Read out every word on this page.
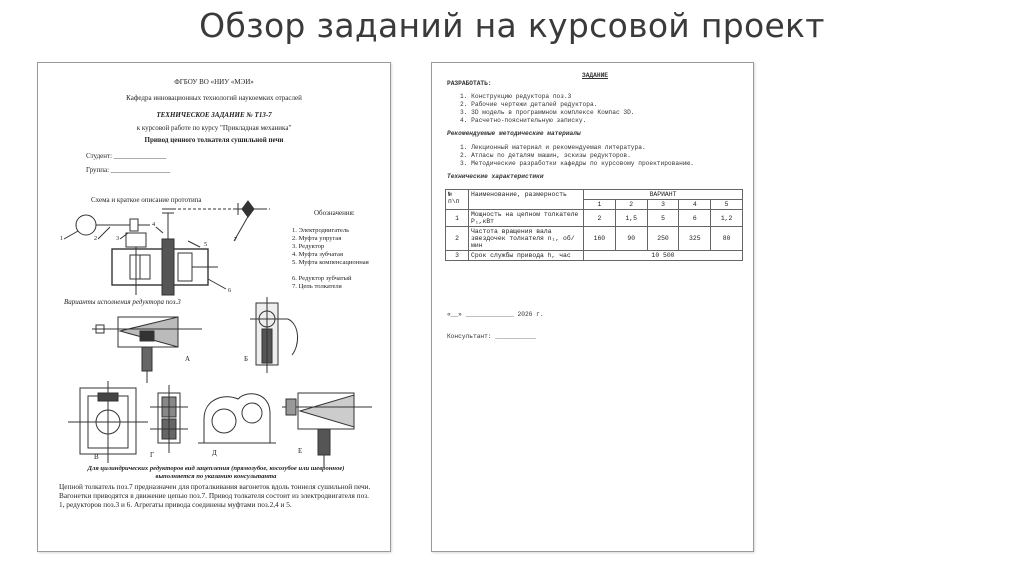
Обзор заданий на курсовой проект
ФГБОУ ВО «НИУ «МЭИ»
Кафедра инновационных технологий наукоемких отраслей
ТЕХНИЧЕСКОЕ ЗАДАНИЕ № Т13-7
к курсовой работе по курсу "Прикладная механика"
Привод ценного толкателя сушильной печи
Студент: _______________
Группа: _________________
Схема и краткое описание прототипа
1	2	3
4
5
6
7
Обозначения:
1. Электродвигатель
2. Муфта упругая
3. Редуктор
4. Муфта зубчатая
5. Муфта компенсационная
6. Редуктор зубчатый
7. Цепь толкателя
Варианты исполнения редуктора поз.3
А	Б
В	Г	Д	Е
Для цилиндрических редукторов вид зацепления (прямозубое, косозубое или шевронное) выполняется по указанию консультанта
Цепной толкатель поз.7 предназначен для проталкивания вагонеток вдоль тоннеля сушильной печи. Вагонетки приводятся в движение цепью поз.7. Привод толкателя состоит из электродвигателя поз. 1, редукторов поз.3 и 6. Агрегаты привода соединены муфтами поз.2,4 и 5.
ЗАДАНИЕ
РАЗРАБОТАТЬ:
1. Конструкцию редуктора поз.3
2. Рабочие чертежи деталей редуктора.
3. 3D модель в программном комплексе Компас 3D.
4. Расчетно-пояснительную записку.
Рекомендуемые методические материалы
1. Лекционный материал и рекомендуемая литература.
2. Атласы по деталям машин, эскизы редукторов.
3. Методические разработки кафедры по курсовому проектированию.
Технические характеристики
№ п\п	Наименование, размерность	ВАРИАНТ				
		1	2	3	4	5
1	Мощность на цепном толкателе P₁,кВт	2	1,5	5	6	1,2
2	Частота вращения вала звездочек толкателя n₁, об/мин	160	90	250	325	80
3	Срок службы привода h, час	10 500				
«__» _____________ 2026 г.
Консультант: ___________
